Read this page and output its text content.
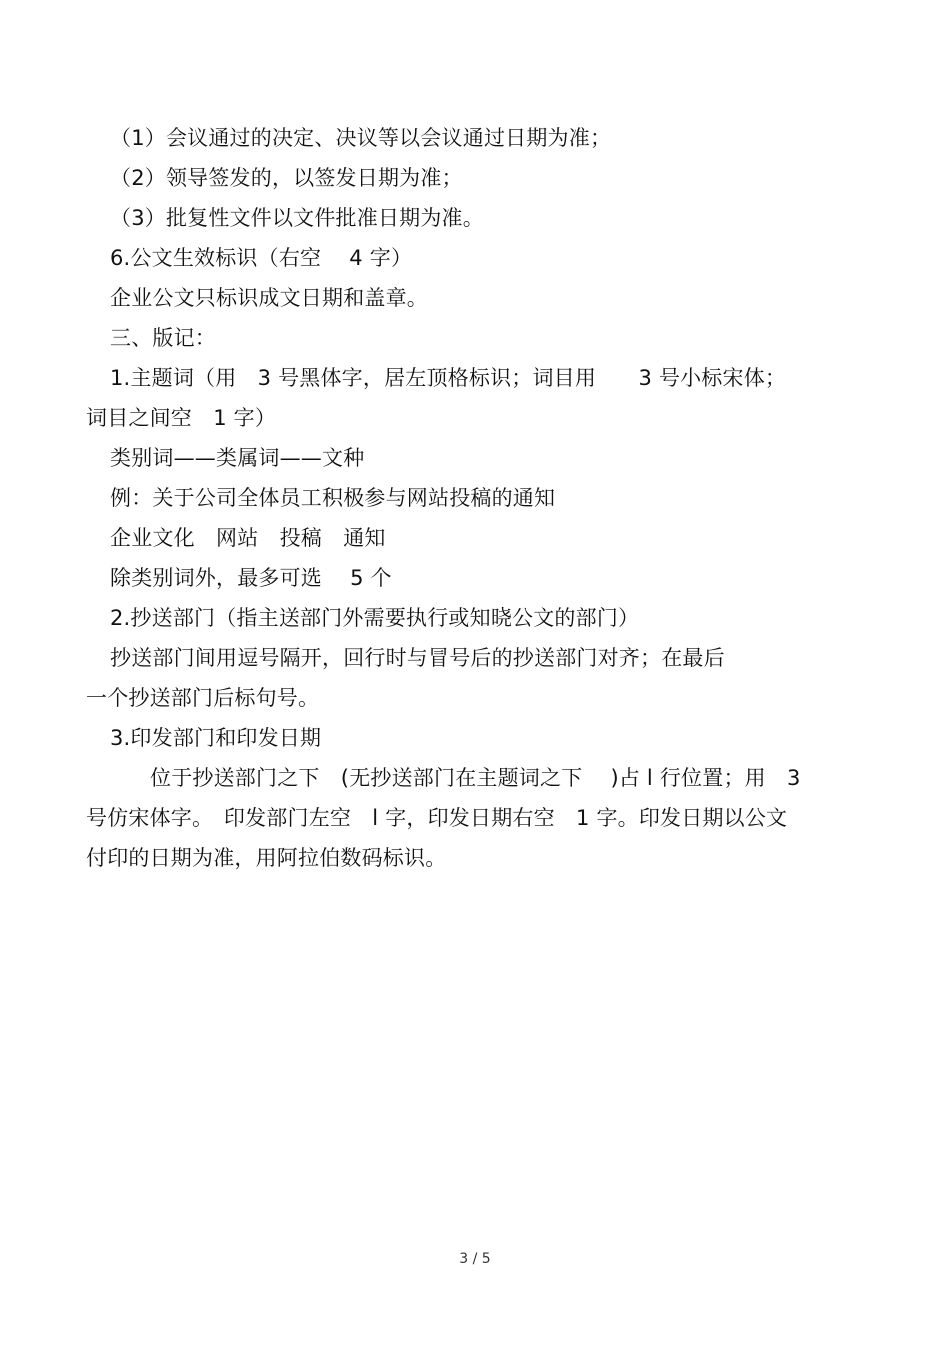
（1）会议通过的决定、决议等以会议通过日期为准；
（2）领导签发的，以签发日期为准；
（3）批复性文件以文件批准日期为准。
6.公文生效标识（右空　 4 字）
企业公文只标识成文日期和盖章。
三、版记：
1.主题词（用　3 号黑体字，居左顶格标识；词目用　　3 号小标宋体；
词目之间空　1 字）
类别词——类属词——文种
例：关于公司全体员工积极参与网站投稿的通知
企业文化　网站　投稿　通知
除类别词外，最多可选　 5 个
2.抄送部门（指主送部门外需要执行或知晓公文的部门）
抄送部门间用逗号隔开，回行时与冒号后的抄送部门对齐；在最后
一个抄送部门后标句号。
3.印发部门和印发日期
位于抄送部门之下　(无抄送部门在主题词之下　 )占 l 行位置；用　3
号仿宋体字。　印发部门左空　l 字，印发日期右空　1 字。印发日期以公文
付印的日期为准，用阿拉伯数码标识。
3 / 5
